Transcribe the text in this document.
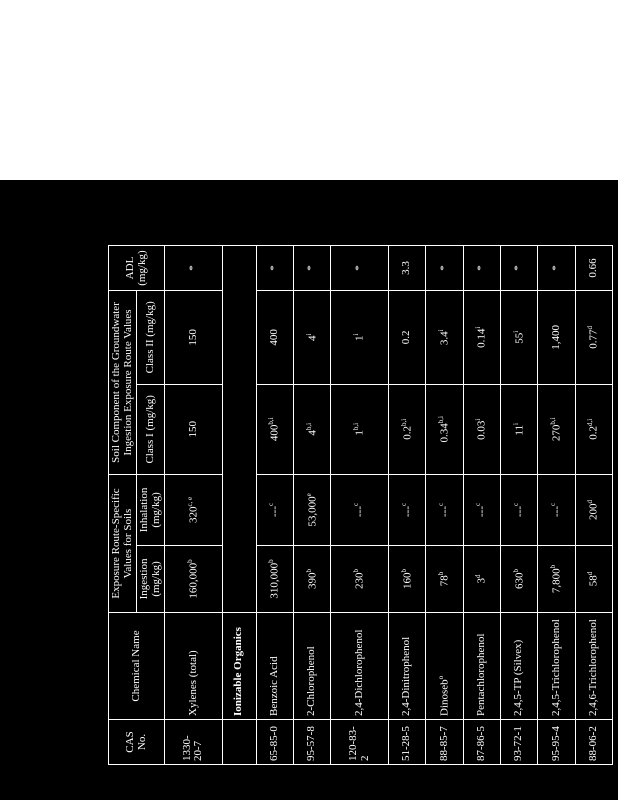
CAS No.	Chemical Name	Exposure Route-Specific Values for Soils		Soil Component of the Groundwater Ingestion Exposure Route Values		ADL (mg/kg)
		Ingestion (mg/kg)	Inhalation (mg/kg)	Class I (mg/kg)	Class II (mg/kg)	
1330-20-7	Xylenes (total)	160,000$^b$	320$^{c, e}$	150	150	*
	Ionizable Organics					
65-85-0	Benzoic Acid	310,000$^b$	---$^c$	400$^{b,i}$	400	*
95-57-8	2-Chlorophenol	390$^b$	53,000e	4$^{b,i}$	4$^i$	*
120-83-2	2,4-Dichlorophenol	230$^b$	---$^c$	1$^{b,i}$	1$^i$	*
51-28-5	2,4-Dinitrophenol	160$^b$	---$^c$	0.2$^{b,i}$	0.2	3.3
88-85-7	Dinoseb$^o$	78$^b$	---$^c$	0.34$^{b,i}$	3.4$^i$	*
87-86-5	Pentachlorophenol	3$^d$	---$^c$	0.03$^i$	0.14$^i$	*
93-72-1	2,4,5-TP (Silvex)	630$^b$	---$^c$	11$^i$	55$^i$	*
95-95-4	2,4,5-Trichlorophenol	7,800$^b$	---$^c$	270$^{b,i}$	1,400	*
88-06-2	2,4,6-Trichlorophenol	58$^d$	200$^d$	0.2$^{d,i}$	0.77$^d$	0.66
